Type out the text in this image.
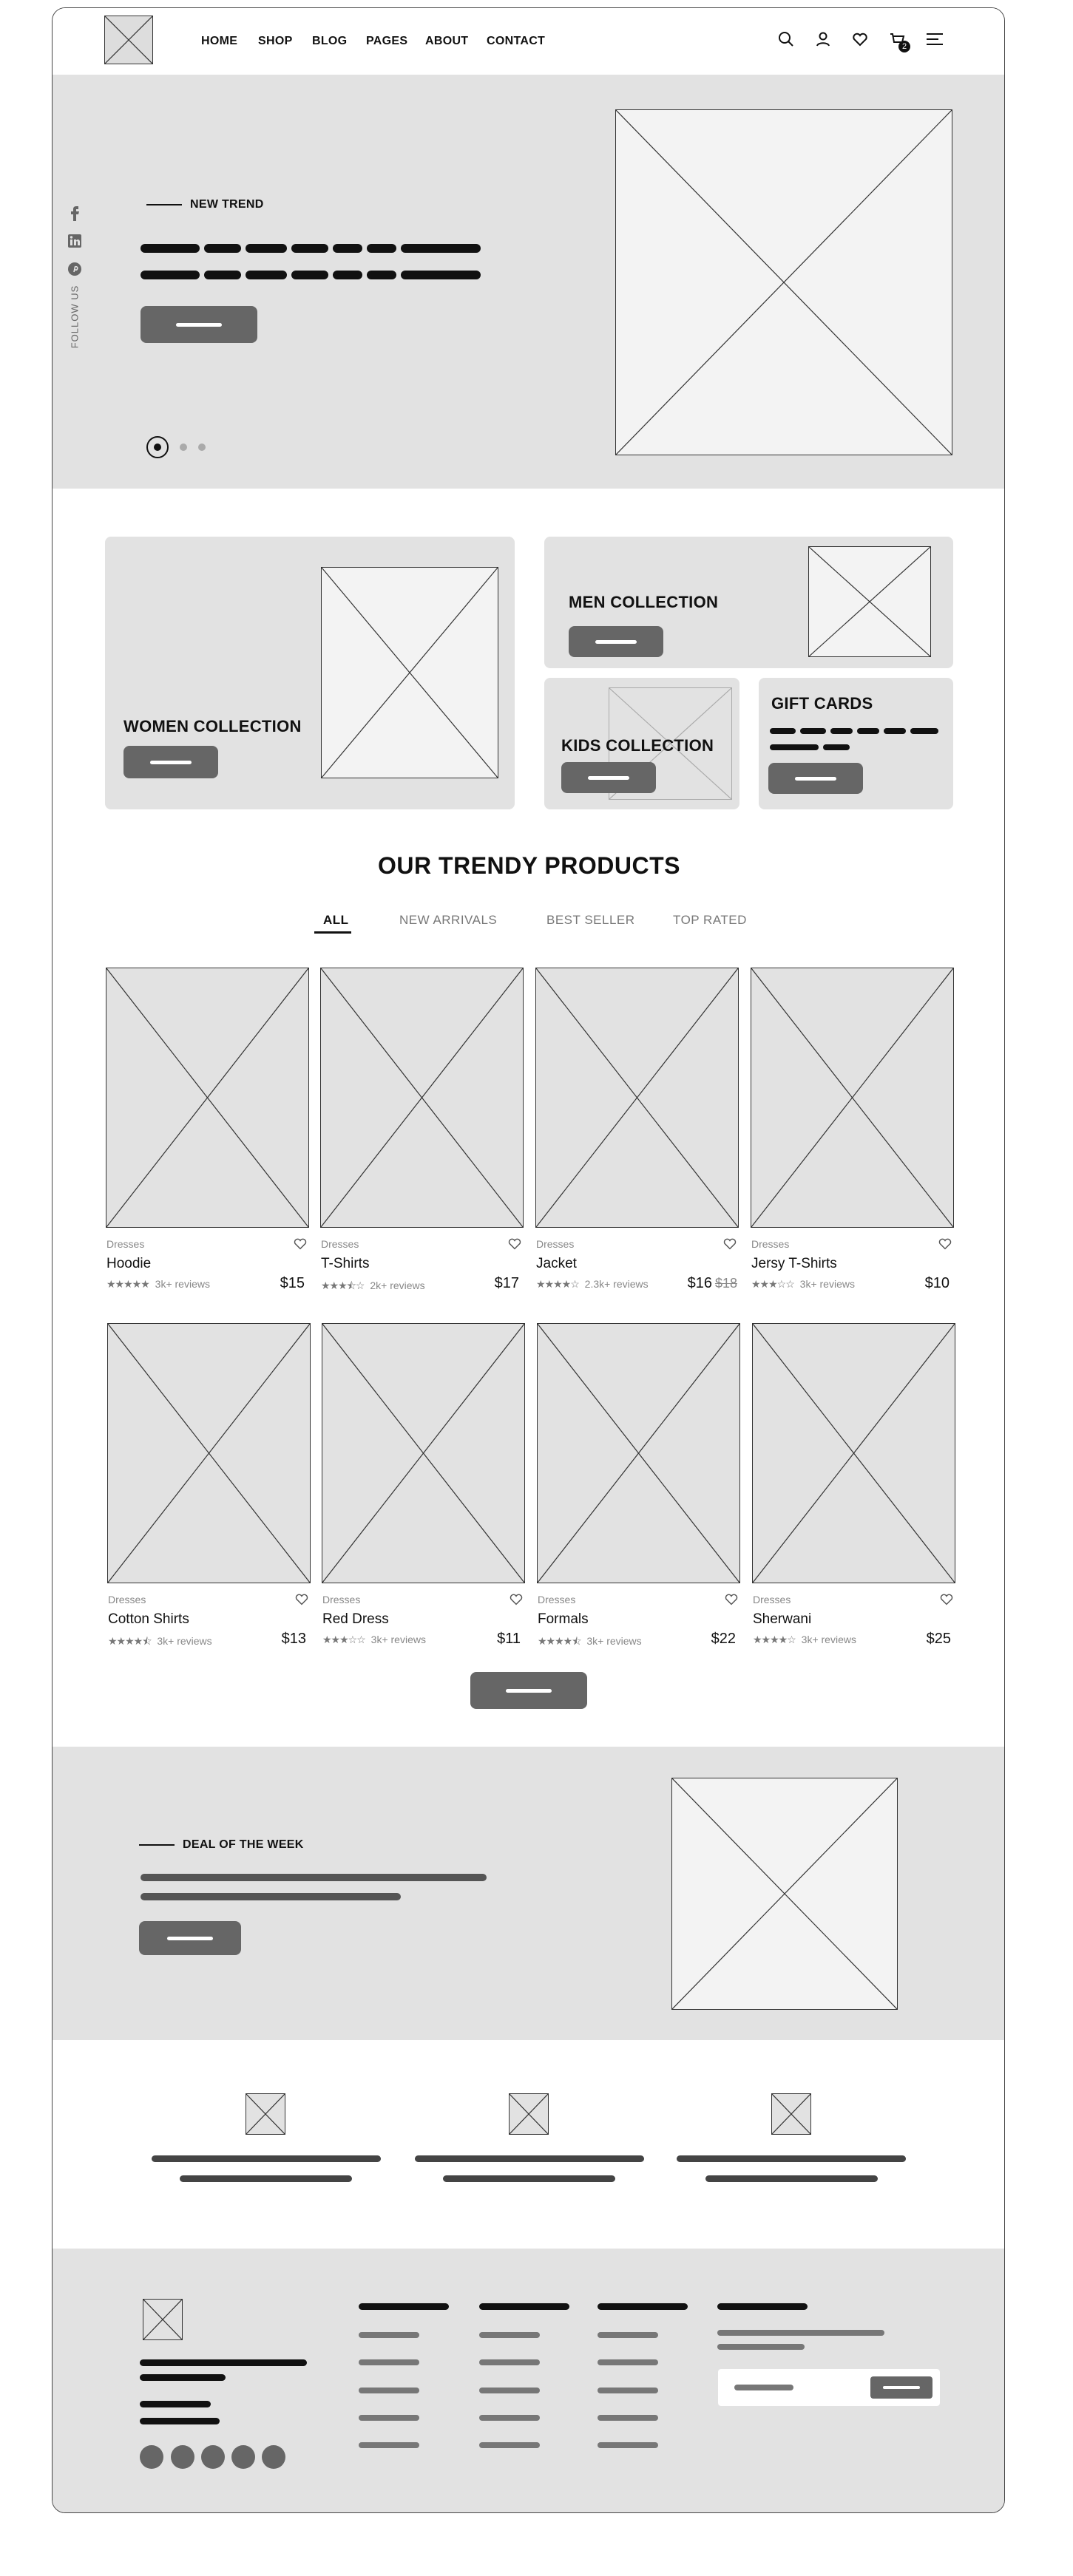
HOME SHOP BLOG PAGES ABOUT CONTACT	2
FOLLOW US
NEW TREND
WOMEN COLLECTION
MEN COLLECTION
KIDS COLLECTION
GIFT CARDS
OUR TRENDY PRODUCTS
ALL	NEW ARRIVALS	BEST SELLER	TOP RATED
Dresses
Hoodie
★★★★★ 3k+ reviews	$15
Dresses
T-Shirts
★★★⯪☆ 2k+ reviews	$17
Dresses
Jacket
★★★★☆ 2.3k+ reviews	$16 $18
Dresses
Jersy T-Shirts
★★★☆☆ 3k+ reviews	$10
Dresses
Cotton Shirts
★★★★⯪ 3k+ reviews	$13
Dresses
Red Dress
★★★☆☆ 3k+ reviews	$11
Dresses
Formals
★★★★⯪ 3k+ reviews	$22
Dresses
Sherwani
★★★★☆ 3k+ reviews	$25
DEAL OF THE WEEK
